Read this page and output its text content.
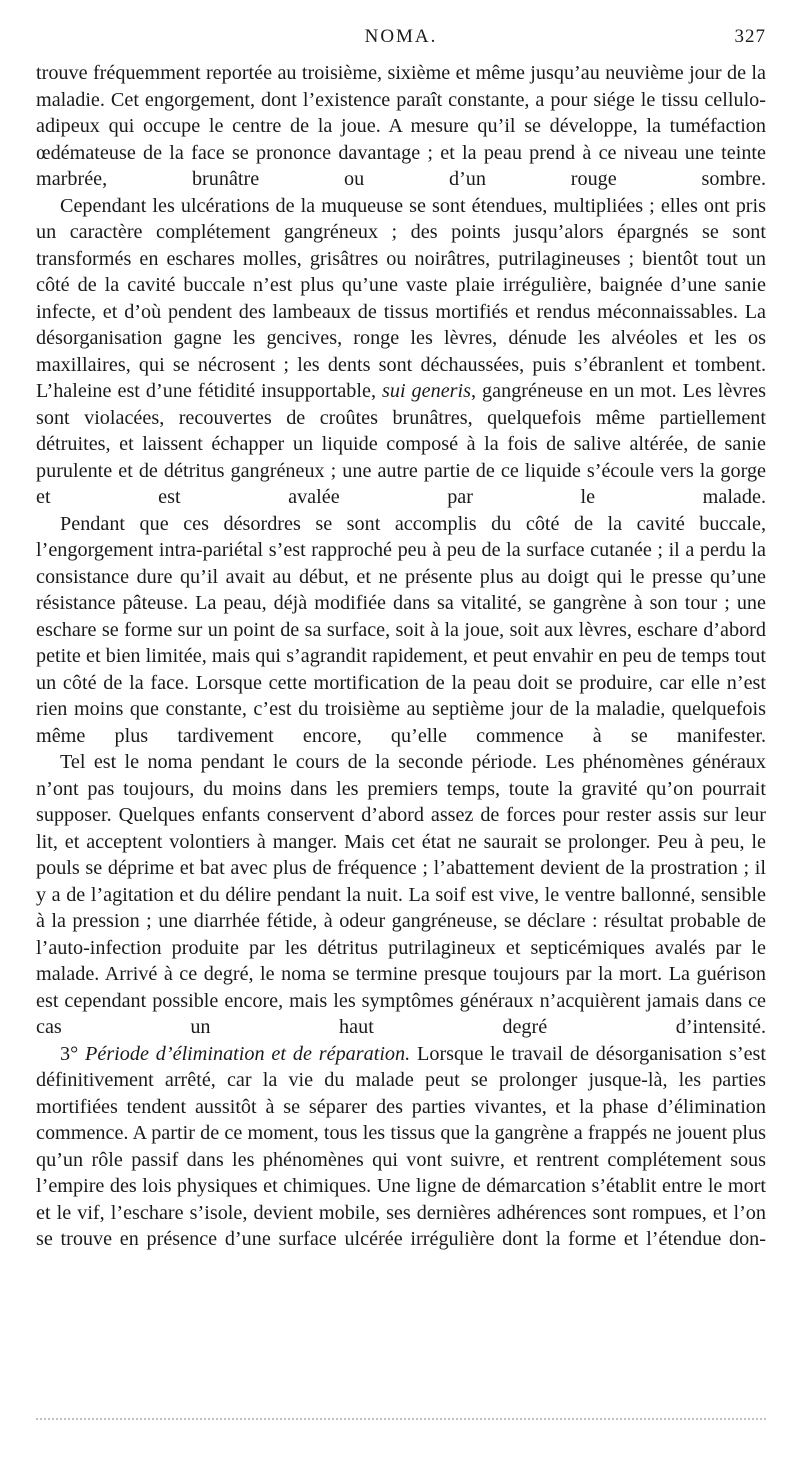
NOMA.	327

trouve fréquemment reportée au troisième, sixième et même jusqu’au neuvième jour de la maladie. Cet engorgement, dont l’existence paraît constante, a pour siége le tissu cellulo-adipeux qui occupe le centre de la joue. A mesure qu’il se développe, la tuméfaction œdémateuse de la face se prononce davantage ; et la peau prend à ce niveau une teinte marbrée, brunâtre ou d’un rouge sombre.

Cependant les ulcérations de la muqueuse se sont étendues, multipliées ; elles ont pris un caractère complétement gangréneux ; des points jusqu’alors épargnés se sont transformés en eschares molles, grisâtres ou noirâtres, putrilagineuses ; bientôt tout un côté de la cavité buccale n’est plus qu’une vaste plaie irrégulière, baignée d’une sanie infecte, et d’où pendent des lambeaux de tissus mortifiés et rendus méconnaissables. La désorganisation gagne les gencives, ronge les lèvres, dénude les alvéoles et les os maxillaires, qui se nécrosent ; les dents sont déchaussées, puis s’ébranlent et tombent. L’haleine est d’une fétidité insupportable, sui generis, gangréneuse en un mot. Les lèvres sont violacées, recouvertes de croûtes brunâtres, quelquefois même partiellement détruites, et laissent échapper un liquide composé à la fois de salive altérée, de sanie purulente et de détritus gangréneux ; une autre partie de ce liquide s’écoule vers la gorge et est avalée par le malade.

Pendant que ces désordres se sont accomplis du côté de la cavité buccale, l’engorgement intra-pariétal s’est rapproché peu à peu de la surface cutanée ; il a perdu la consistance dure qu’il avait au début, et ne présente plus au doigt qui le presse qu’une résistance pâteuse. La peau, déjà modifiée dans sa vitalité, se gangrène à son tour ; une eschare se forme sur un point de sa surface, soit à la joue, soit aux lèvres, eschare d’abord petite et bien limitée, mais qui s’agrandit rapidement, et peut envahir en peu de temps tout un côté de la face. Lorsque cette mortification de la peau doit se produire, car elle n’est rien moins que constante, c’est du troisième au septième jour de la maladie, quelquefois même plus tardivement encore, qu’elle commence à se manifester.

Tel est le noma pendant le cours de la seconde période. Les phénomènes généraux n’ont pas toujours, du moins dans les premiers temps, toute la gravité qu’on pourrait supposer. Quelques enfants conservent d’abord assez de forces pour rester assis sur leur lit, et acceptent volontiers à manger. Mais cet état ne saurait se prolonger. Peu à peu, le pouls se déprime et bat avec plus de fréquence ; l’abattement devient de la prostration ; il y a de l’agitation et du délire pendant la nuit. La soif est vive, le ventre ballonné, sensible à la pression ; une diarrhée fétide, à odeur gangréneuse, se déclare : résultat probable de l’auto-infection produite par les détritus putrilagineux et septicémiques avalés par le malade. Arrivé à ce degré, le noma se termine presque toujours par la mort. La guérison est cependant possible encore, mais les symptômes généraux n’acquièrent jamais dans ce cas un haut degré d’intensité.

3° Période d’élimination et de réparation. Lorsque le travail de désorganisation s’est définitivement arrêté, car la vie du malade peut se prolonger jusque-là, les parties mortifiées tendent aussitôt à se séparer des parties vivantes, et la phase d’élimination commence. A partir de ce moment, tous les tissus que la gangrène a frappés ne jouent plus qu’un rôle passif dans les phénomènes qui vont suivre, et rentrent complétement sous l’empire des lois physiques et chimiques. Une ligne de démarcation s’établit entre le mort et le vif, l’eschare s’isole, devient mobile, ses dernières adhérences sont rompues, et l’on se trouve en présence d’une surface ulcérée irrégulière dont la forme et l’étendue don-
